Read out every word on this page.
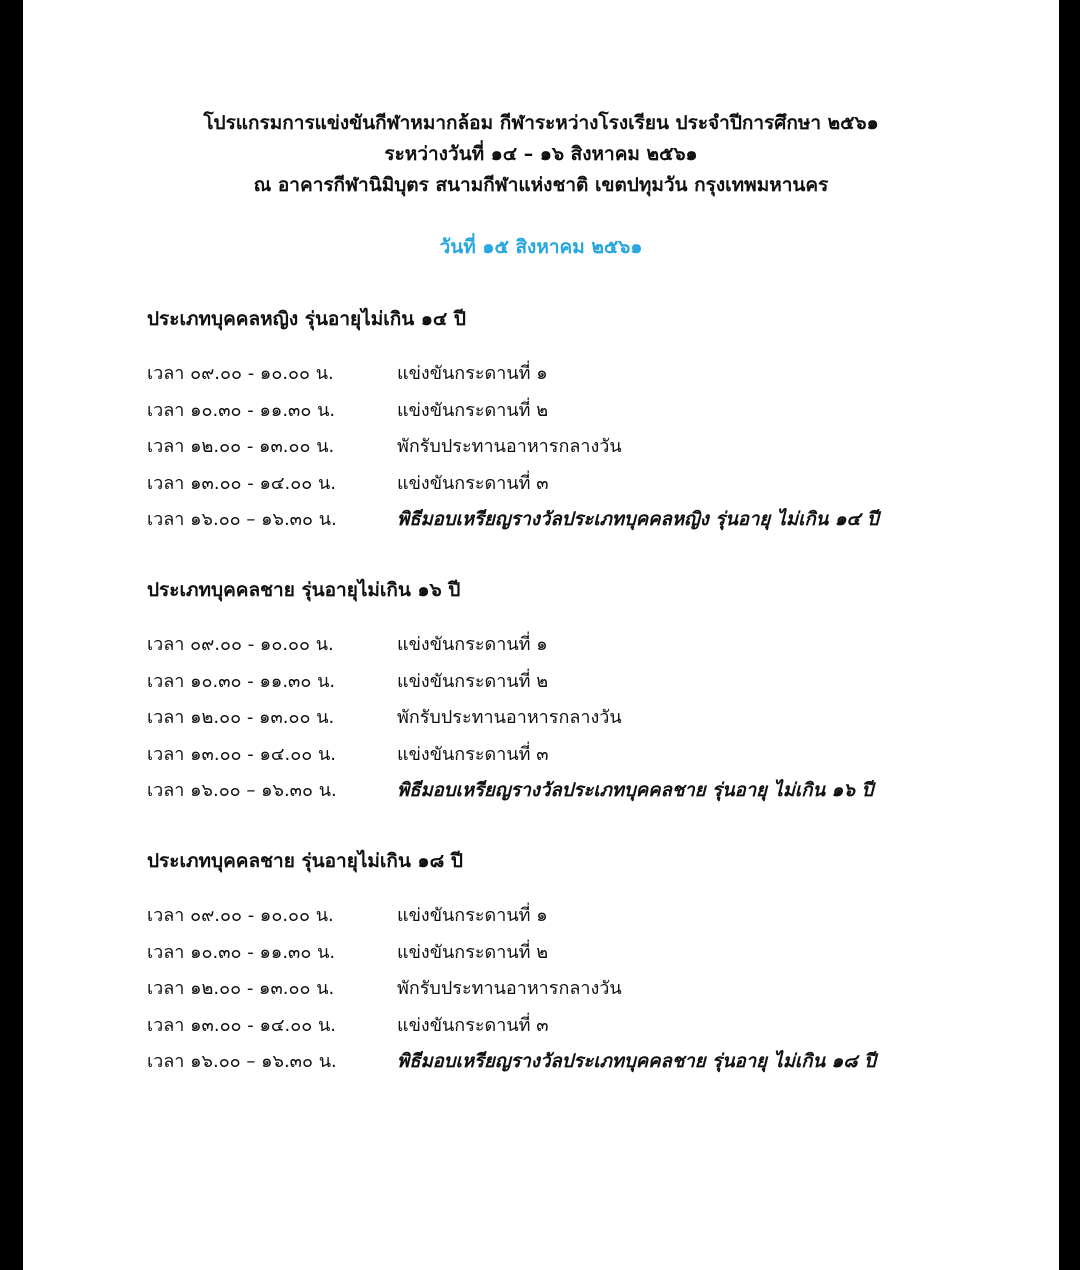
โปรแกรมการแข่งขันกีฬาหมากล้อม กีฬาระหว่างโรงเรียน ประจำปีการศึกษา ๒๕๖๑
ระหว่างวันที่ ๑๔ – ๑๖ สิงหาคม ๒๕๖๑
ณ อาคารกีฬานิมิบุตร สนามกีฬาแห่งชาติ เขตปทุมวัน กรุงเทพมหานคร
วันที่ ๑๕ สิงหาคม ๒๕๖๑
ประเภทบุคคลหญิง รุ่นอายุไม่เกิน ๑๔ ปี
เวลา ๐๙.๐๐ - ๑๐.๐๐ น.	แข่งขันกระดานที่ ๑
เวลา ๑๐.๓๐ - ๑๑.๓๐ น.	แข่งขันกระดานที่ ๒
เวลา ๑๒.๐๐ - ๑๓.๐๐ น.	พักรับประทานอาหารกลางวัน
เวลา ๑๓.๐๐ - ๑๔.๐๐ น.	แข่งขันกระดานที่ ๓
เวลา ๑๖.๐๐ – ๑๖.๓๐ น.	พิธีมอบเหรียญรางวัลประเภทบุคคลหญิง รุ่นอายุ ไม่เกิน ๑๔ ปี
ประเภทบุคคลชาย รุ่นอายุไม่เกิน ๑๖ ปี
เวลา ๐๙.๐๐ - ๑๐.๐๐ น.	แข่งขันกระดานที่ ๑
เวลา ๑๐.๓๐ - ๑๑.๓๐ น.	แข่งขันกระดานที่ ๒
เวลา ๑๒.๐๐ - ๑๓.๐๐ น.	พักรับประทานอาหารกลางวัน
เวลา ๑๓.๐๐ - ๑๔.๐๐ น.	แข่งขันกระดานที่ ๓
เวลา ๑๖.๐๐ – ๑๖.๓๐ น.	พิธีมอบเหรียญรางวัลประเภทบุคคลชาย รุ่นอายุ ไม่เกิน ๑๖ ปี
ประเภทบุคคลชาย รุ่นอายุไม่เกิน ๑๘ ปี
เวลา ๐๙.๐๐ - ๑๐.๐๐ น.	แข่งขันกระดานที่ ๑
เวลา ๑๐.๓๐ - ๑๑.๓๐ น.	แข่งขันกระดานที่ ๒
เวลา ๑๒.๐๐ - ๑๓.๐๐ น.	พักรับประทานอาหารกลางวัน
เวลา ๑๓.๐๐ - ๑๔.๐๐ น.	แข่งขันกระดานที่ ๓
เวลา ๑๖.๐๐ – ๑๖.๓๐ น.	พิธีมอบเหรียญรางวัลประเภทบุคคลชาย รุ่นอายุ ไม่เกิน ๑๘ ปี
